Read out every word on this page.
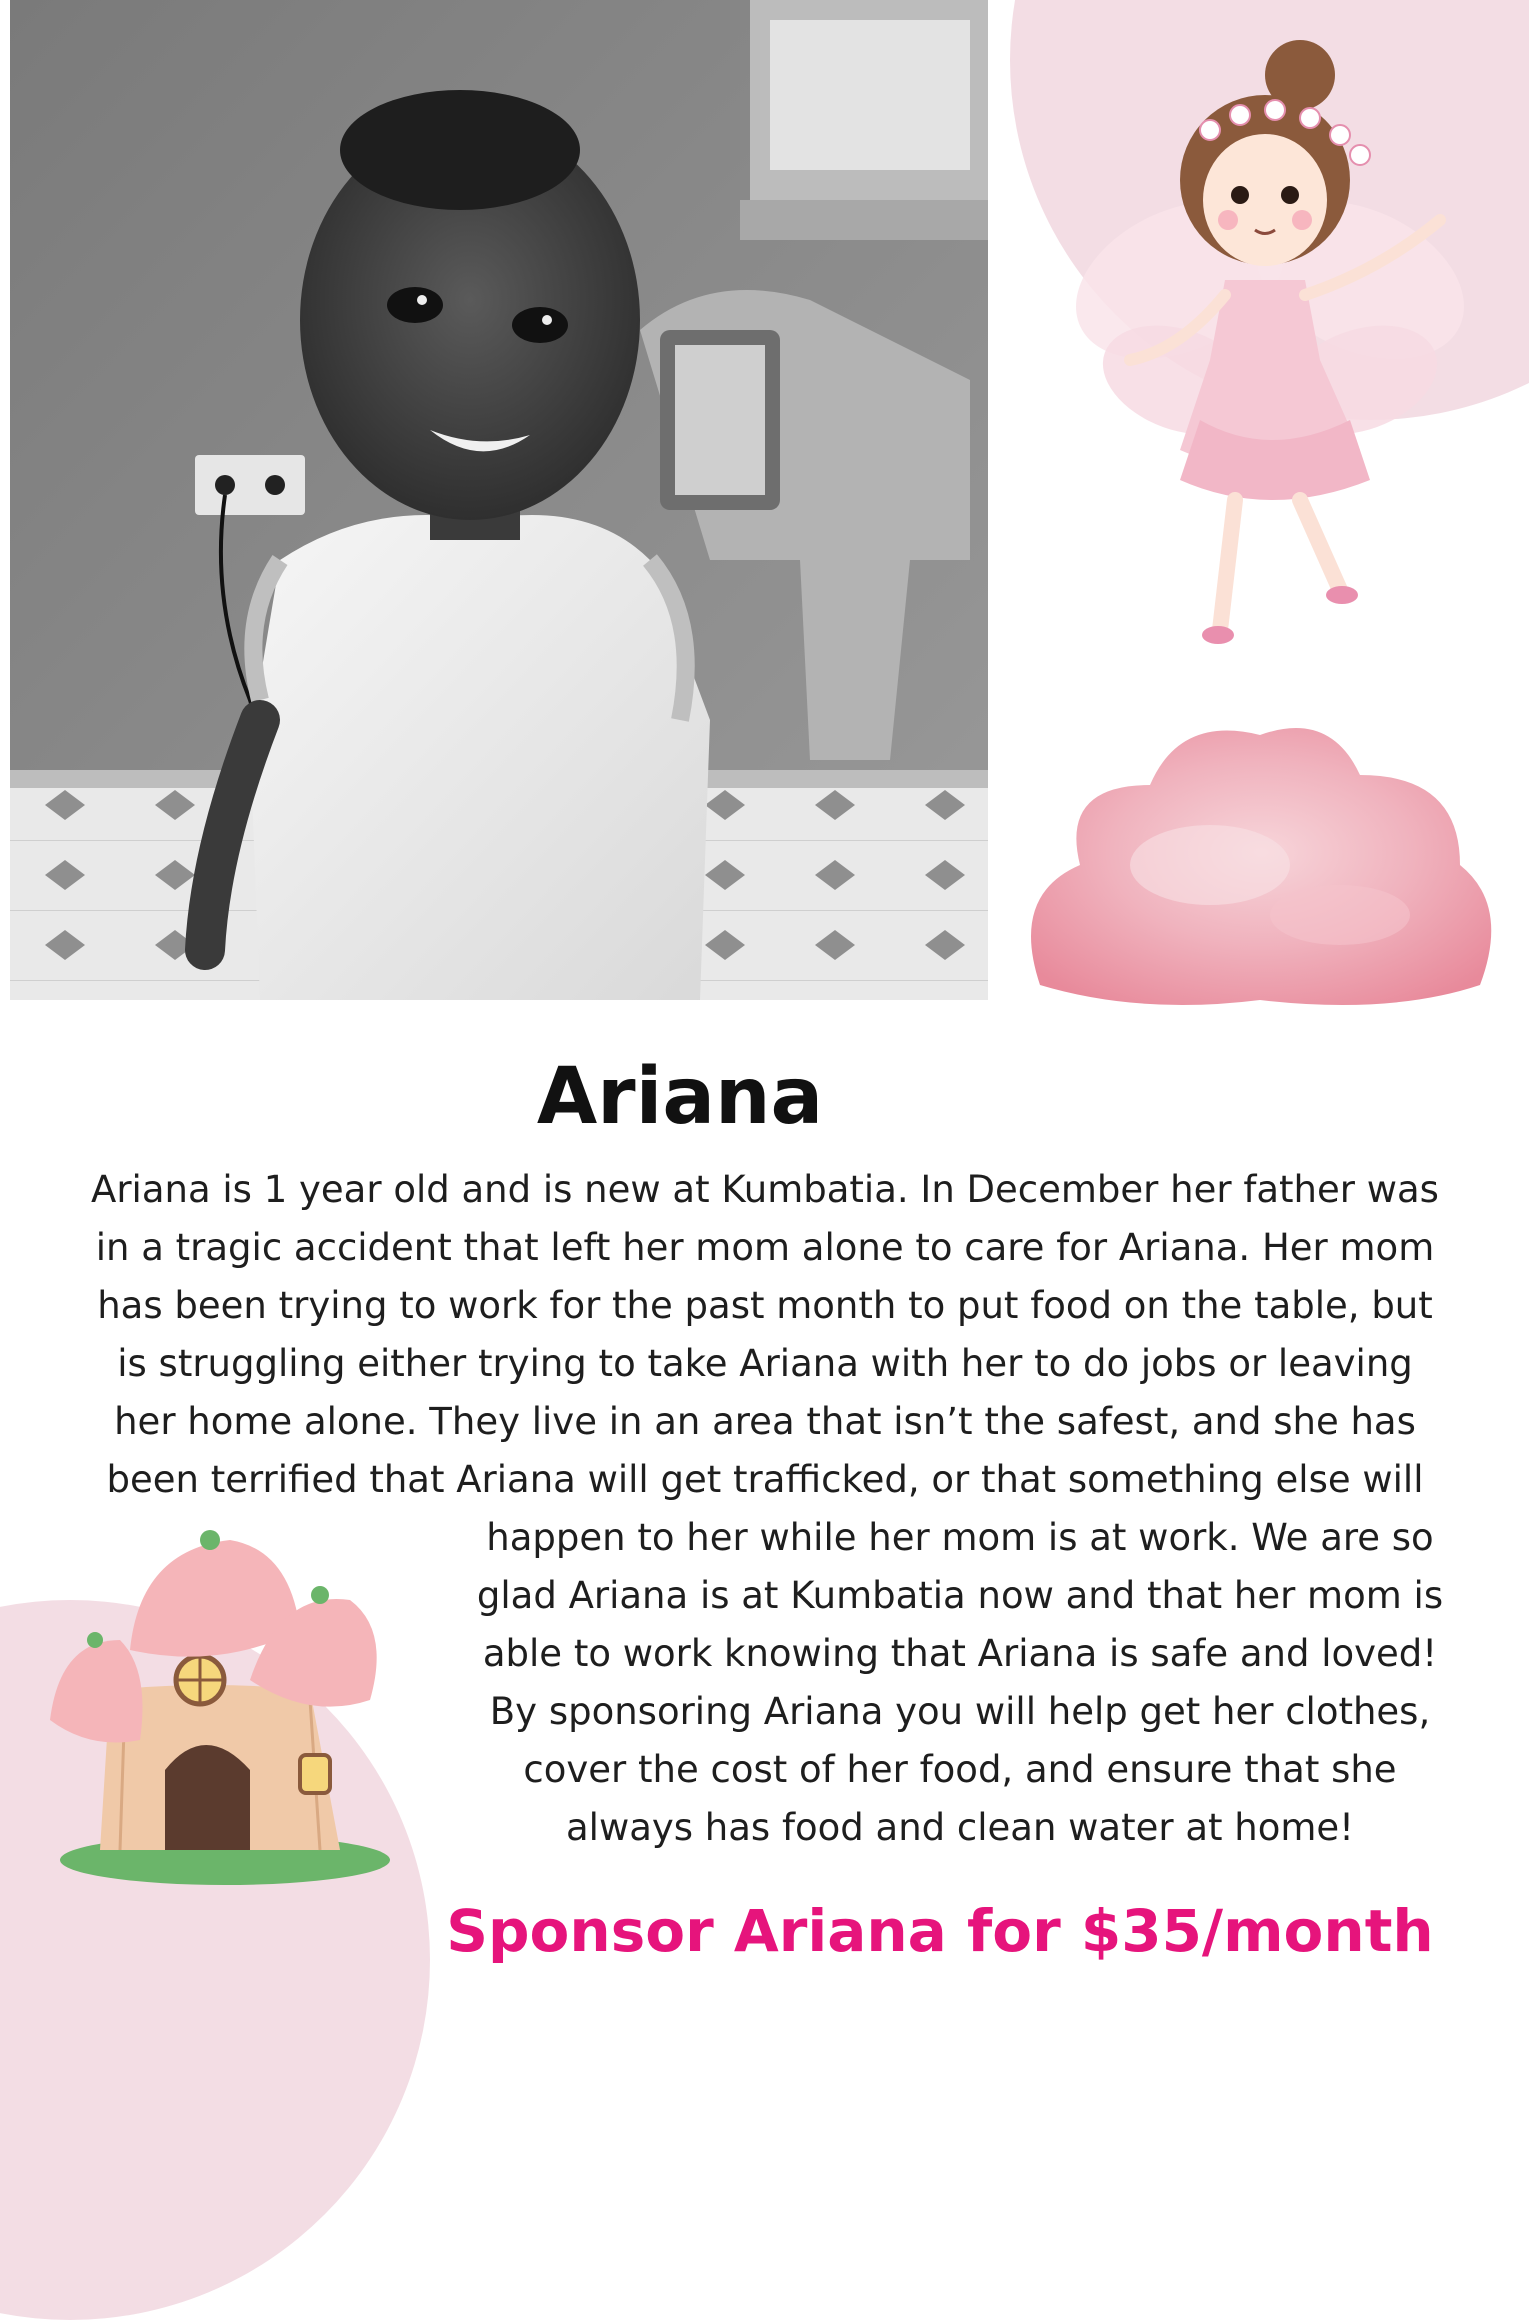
Ariana
Ariana is 1 year old and is new at Kumbatia. In December her father was
in a tragic accident that left her mom alone to care for Ariana. Her mom
has been trying to work for the past month to put food on the table, but
is struggling either trying to take Ariana with her to do jobs or leaving
her home alone. They live in an area that isn’t the safest, and she has
been terrified that Ariana will get trafficked, or that something else will
happen to her while her mom is at work. We are so
glad Ariana is at Kumbatia now and that her mom is
able to work knowing that Ariana is safe and loved!
By sponsoring Ariana you will help get her clothes,
cover the cost of her food, and ensure that she
always has food and clean water at home!

Sponsor Ariana for $35/month
